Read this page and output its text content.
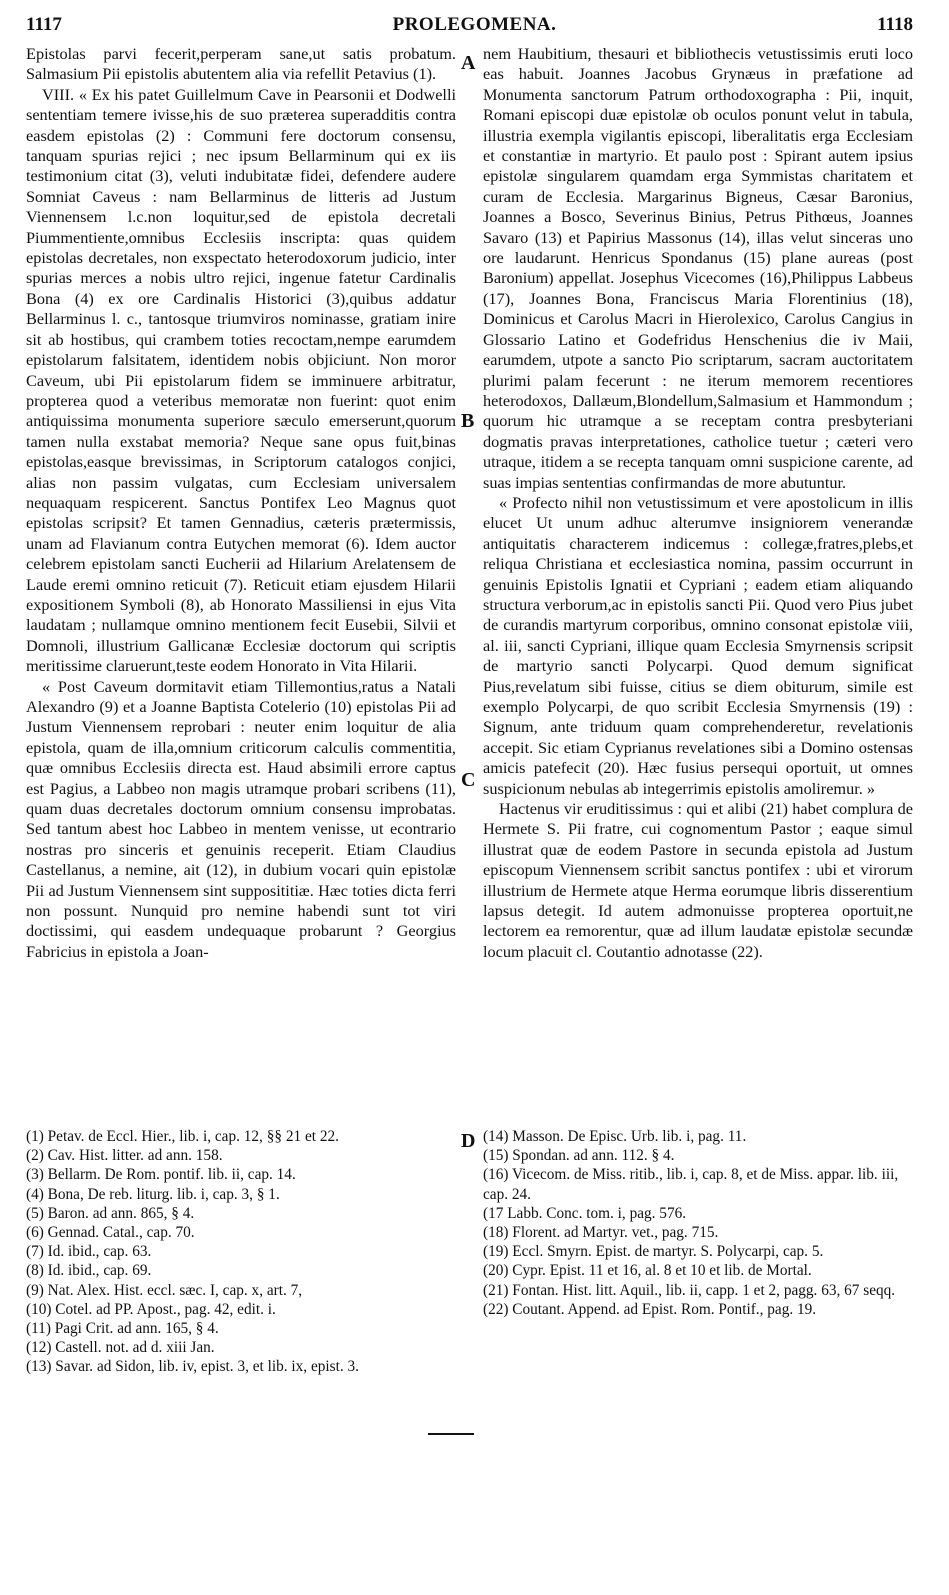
1117	PROLEGOMENA.	1118

Epistolas parvi fecerit,perperam sane,ut satis probatum. Salmasium Pii epistolis abutentem alia via refellit Petavius (1).

VIII. « Ex his patet Guillelmum Cave in Pearsonii et Dodwelli sententiam temere ivisse,his de suo præterea superadditis contra easdem epistolas (2) : Communi fere doctorum consensu, tanquam spurias rejici ; nec ipsum Bellarminum qui ex iis testimonium citat (3), veluti indubitatæ fidei, defendere audere Somniat Caveus : nam Bellarminus de litteris ad Justum Viennensem l.c.non loquitur,sed de epistola decretali Piummentiente,omnibus Ecclesiis inscripta: quas quidem epistolas decretales, non exspectato heterodoxorum judicio, inter spurias merces a nobis ultro rejici, ingenue fatetur Cardinalis Bona (4) ex ore Cardinalis Historici (3),quibus addatur Bellarminus l. c., tantosque triumviros nominasse, gratiam inire sit ab hostibus, qui crambem toties recoctam,nempe earumdem epistolarum falsitatem, identidem nobis objiciunt. Non moror Caveum, ubi Pii epistolarum fidem se imminuere arbitratur, propterea quod a veteribus memoratæ non fuerint: quot enim antiquissima monumenta superiore sæculo emerserunt,quorum tamen nulla exstabat memoria? Neque sane opus fuit,binas epistolas,easque brevissimas, in Scriptorum catalogos conjici, alias non passim vulgatas, cum Ecclesiam universalem nequaquam respicerent. Sanctus Pontifex Leo Magnus quot epistolas scripsit? Et tamen Gennadius, cæteris prætermissis, unam ad Flavianum contra Eutychen memorat (6). Idem auctor celebrem epistolam sancti Eucherii ad Hilarium Arelatensem de Laude eremi omnino reticuit (7). Reticuit etiam ejusdem Hilarii expositionem Symboli (8), ab Honorato Massiliensi in ejus Vita laudatam ; nullamque omnino mentionem fecit Eusebii, Silvii et Domnoli, illustrium Gallicanæ Ecclesiæ doctorum qui scriptis meritissime claruerunt,teste eodem Honorato in Vita Hilarii.

« Post Caveum dormitavit etiam Tillemontius,ratus a Natali Alexandro (9) et a Joanne Baptista Cotelerio (10) epistolas Pii ad Justum Viennensem reprobari : neuter enim loquitur de alia epistola, quam de illa,omnium criticorum calculis commentitia, quæ omnibus Ecclesiis directa est. Haud absimili errore captus est Pagius, a Labbeo non magis utramque probari scribens (11), quam duas decretales doctorum omnium consensu improbatas. Sed tantum abest hoc Labbeo in mentem venisse, ut econtrario nostras pro sinceris et genuinis receperit. Etiam Claudius Castellanus, a nemine, ait (12), in dubium vocari quin epistolæ Pii ad Justum Viennensem sint supposititiæ. Hæc toties dicta ferri non possunt. Nunquid pro nemine habendi sunt tot viri doctissimi, qui easdem undequaque probarunt ? Georgius Fabricius in epistola a Joan-

nem Haubitium, thesauri et bibliothecis vetustissimis eruti loco eas habuit. Joannes Jacobus Grynæus in præfatione ad Monumenta sanctorum Patrum orthodoxographa : Pii, inquit, Romani episcopi duæ epistolæ ob oculos ponunt velut in tabula, illustria exempla vigilantis episcopi, liberalitatis erga Ecclesiam et constantiæ in martyrio. Et paulo post : Spirant autem ipsius epistolæ singularem quamdam erga Symmistas charitatem et curam de Ecclesia. Margarinus Bigneus, Cæsar Baronius, Joannes a Bosco, Severinus Binius, Petrus Pithœus, Joannes Savaro (13) et Papirius Massonus (14), illas velut sinceras uno ore laudarunt. Henricus Spondanus (15) plane aureas (post Baronium) appellat. Josephus Vicecomes (16),Philippus Labbeus (17), Joannes Bona, Franciscus Maria Florentinius (18), Dominicus et Carolus Macri in Hierolexico, Carolus Cangius in Glossario Latino et Godefridus Henschenius die iv Maii, earumdem, utpote a sancto Pio scriptarum, sacram auctoritatem plurimi palam fecerunt : ne iterum memorem recentiores heterodoxos, Dallæum,Blondellum,Salmasium et Hammondum ; quorum hic utramque a se receptam contra presbyteriani dogmatis pravas interpretationes, catholice tuetur ; cæteri vero utraque, itidem a se recepta tanquam omni suspicione carente, ad suas impias sententias confirmandas de more abutuntur.

« Profecto nihil non vetustissimum et vere apostolicum in illis elucet Ut unum adhuc alterumve insigniorem venerandæ antiquitatis characterem indicemus : collegæ,fratres,plebs,et reliqua Christiana et ecclesiastica nomina, passim occurrunt in genuinis Epistolis Ignatii et Cypriani ; eadem etiam aliquando structura verborum,ac in epistolis sancti Pii. Quod vero Pius jubet de curandis martyrum corporibus, omnino consonat epistolæ viii, al. iii, sancti Cypriani, illique quam Ecclesia Smyrnensis scripsit de martyrio sancti Polycarpi. Quod demum significat Pius,revelatum sibi fuisse, citius se diem obiturum, simile est exemplo Polycarpi, de quo scribit Ecclesia Smyrnensis (19) : Signum, ante triduum quam comprehenderetur, revelationis accepit. Sic etiam Cyprianus revelationes sibi a Domino ostensas amicis patefecit (20). Hæc fusius persequi oportuit, ut omnes suspicionum nebulas ab integerrimis epistolis amoliremur. »

Hactenus vir eruditissimus : qui et alibi (21) habet complura de Hermete S. Pii fratre, cui cognomentum Pastor ; eaque simul illustrat quæ de eodem Pastore in secunda epistola ad Justum episcopum Viennensem scribit sanctus pontifex : ubi et virorum illustrium de Hermete atque Herma eorumque libris disserentium lapsus detegit. Id autem admonuisse propterea oportuit,ne lectorem ea remorentur, quæ ad illum laudatæ epistolæ secundæ locum placuit cl. Coutantio adnotasse (22).

A
B
C
D

(1) Petav. de Eccl. Hier., lib. i, cap. 12, §§ 21 et 22.

(2) Cav. Hist. litter. ad ann. 158.

(3) Bellarm. De Rom. pontif. lib. ii, cap. 14.

(4) Bona, De reb. liturg. lib. i, cap. 3, § 1.

(5) Baron. ad ann. 865, § 4.

(6) Gennad. Catal., cap. 70.

(7) Id. ibid., cap. 63.

(8) Id. ibid., cap. 69.

(9) Nat. Alex. Hist. eccl. sæc. I, cap. x, art. 7,

(10) Cotel. ad PP. Apost., pag. 42, edit. i.

(11) Pagi Crit. ad ann. 165, § 4.

(12) Castell. not. ad d. xiii Jan.

(13) Savar. ad Sidon, lib. iv, epist. 3, et lib. ix, epist. 3.

(14) Masson. De Episc. Urb. lib. i, pag. 11.

(15) Spondan. ad ann. 112. § 4.

(16) Vicecom. de Miss. ritib., lib. i, cap. 8, et de Miss. appar. lib. iii, cap. 24.

(17 Labb. Conc. tom. i, pag. 576.

(18) Florent. ad Martyr. vet., pag. 715.

(19) Eccl. Smyrn. Epist. de martyr. S. Polycarpi, cap. 5.

(20) Cypr. Epist. 11 et 16, al. 8 et 10 et lib. de Mortal.

(21) Fontan. Hist. litt. Aquil., lib. ii, capp. 1 et 2, pagg. 63, 67 seqq.

(22) Coutant. Append. ad Epist. Rom. Pontif., pag. 19.
